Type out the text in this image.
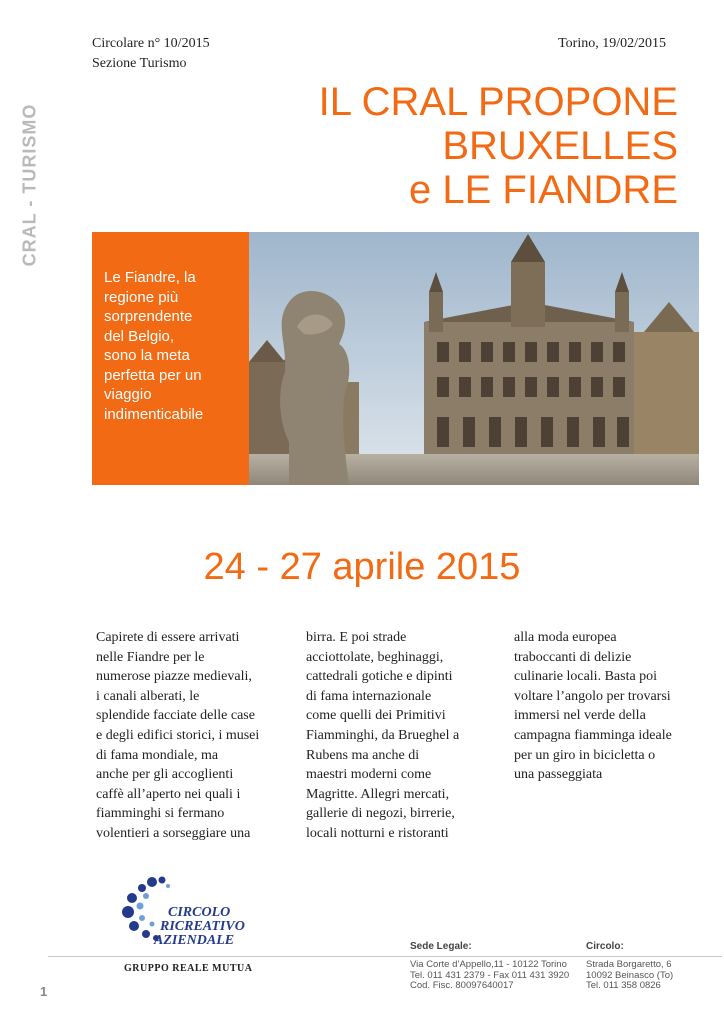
Circolare n° 10/2015
Sezione Turismo
Torino, 19/02/2015
CRAL - TURISMO
IL CRAL PROPONE
BRUXELLES
e LE FIANDRE
Le Fiandre, la
regione più
sorprendente
del Belgio,
sono la meta
perfetta per un
viaggio
indimenticabile
24 - 27 aprile 2015

Capirete di essere arrivati

nelle Fiandre per le

numerose piazze medievali,

i canali alberati, le

splendide facciate delle case

e degli edifici storici, i musei

di fama mondiale, ma

anche per gli accoglienti

caffè all’aperto nei quali i

fiamminghi si fermano

volentieri a sorseggiare una

birra. E poi strade

acciottolate, beghinaggi,

cattedrali gotiche e dipinti

di fama internazionale

come quelli dei Primitivi

Fiamminghi, da Brueghel a

Rubens ma anche di

maestri moderni come

Magritte. Allegri mercati,

gallerie di negozi, birrerie,

locali notturni e ristoranti

alla moda europea

traboccanti di delizie

culinarie locali. Basta poi

voltare l’angolo per trovarsi

immersi nel verde della

campagna fiamminga ideale

per un giro in bicicletta o

una passeggiata

CIRCOLO
RICREATIVO
AZIENDALE
GRUPPO REALE MUTUA
Sede Legale:
Via Corte d’Appello,11 - 10122 Torino
Tel. 011 431 2379 - Fax 011 431 3920
Cod. Fisc. 80097640017
Circolo:
Strada Borgaretto, 6
10092 Beinasco (To)
Tel. 011 358 0826
1
